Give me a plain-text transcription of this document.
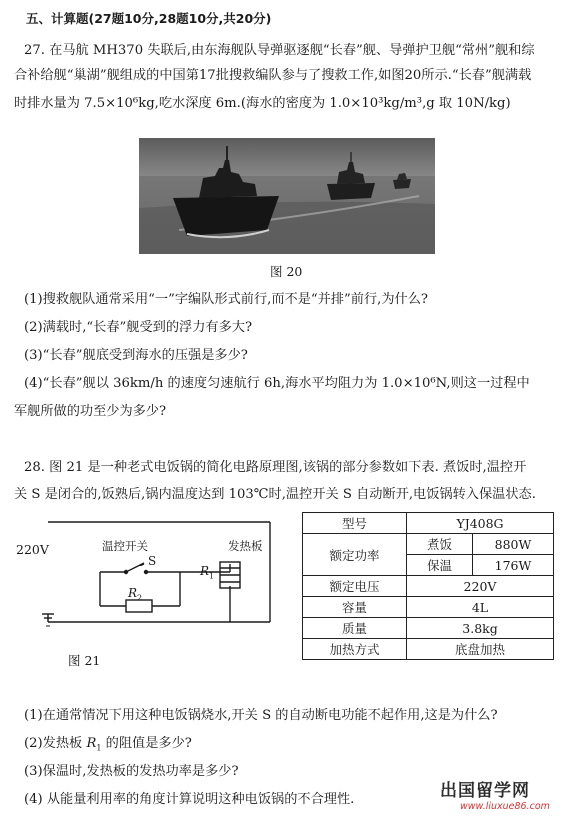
五、计算题(27题10分,28题10分,共20分)
27. 在马航 MH370 失联后,由东海舰队导弹驱逐舰“长春”舰、导弹护卫舰“常州”舰和综
合补给舰“巢湖”舰组成的中国第17批搜救编队参与了搜救工作,如图20所示.“长春”舰满载
时排水量为 7.5×10⁶kg,吃水深度 6m.(海水的密度为 1.0×10³kg/m³,g 取 10N/kg)
图 20
(1)搜救舰队通常采用“一”字编队形式前行,而不是“并排”前行,为什么?
(2)满载时,“长春”舰受到的浮力有多大?
(3)“长春”舰底受到海水的压强是多少?
(4)“长春”舰以 36km/h 的速度匀速航行 6h,海水平均阻力为 1.0×10⁶N,则这一过程中
军舰所做的功至少为多少?
28. 图 21 是一种老式电饭锅的简化电路原理图,该锅的部分参数如下表. 煮饭时,温控开
关 S 是闭合的,饭熟后,锅内温度达到 103℃时,温控开关 S 自动断开,电饭锅转入保温状态.
220V	温控开关
S
发热板
$R_1$
$R_2$
图 21
型号	YJ408G	
额定功率	煮饭	880W
	保温	176W
额定电压	220V	
容量	4L	
质量	3.8kg	
加热方式	底盘加热	
(1)在通常情况下用这种电饭锅烧水,开关 S 的自动断电功能不起作用,这是为什么?
(2)发热板 $R_1$ 的阻值是多少?
(3)保温时,发热板的发热功率是多少?
(4) 从能量利用率的角度计算说明这种电饭锅的不合理性.	出国留学网
www.liuxue86.com
